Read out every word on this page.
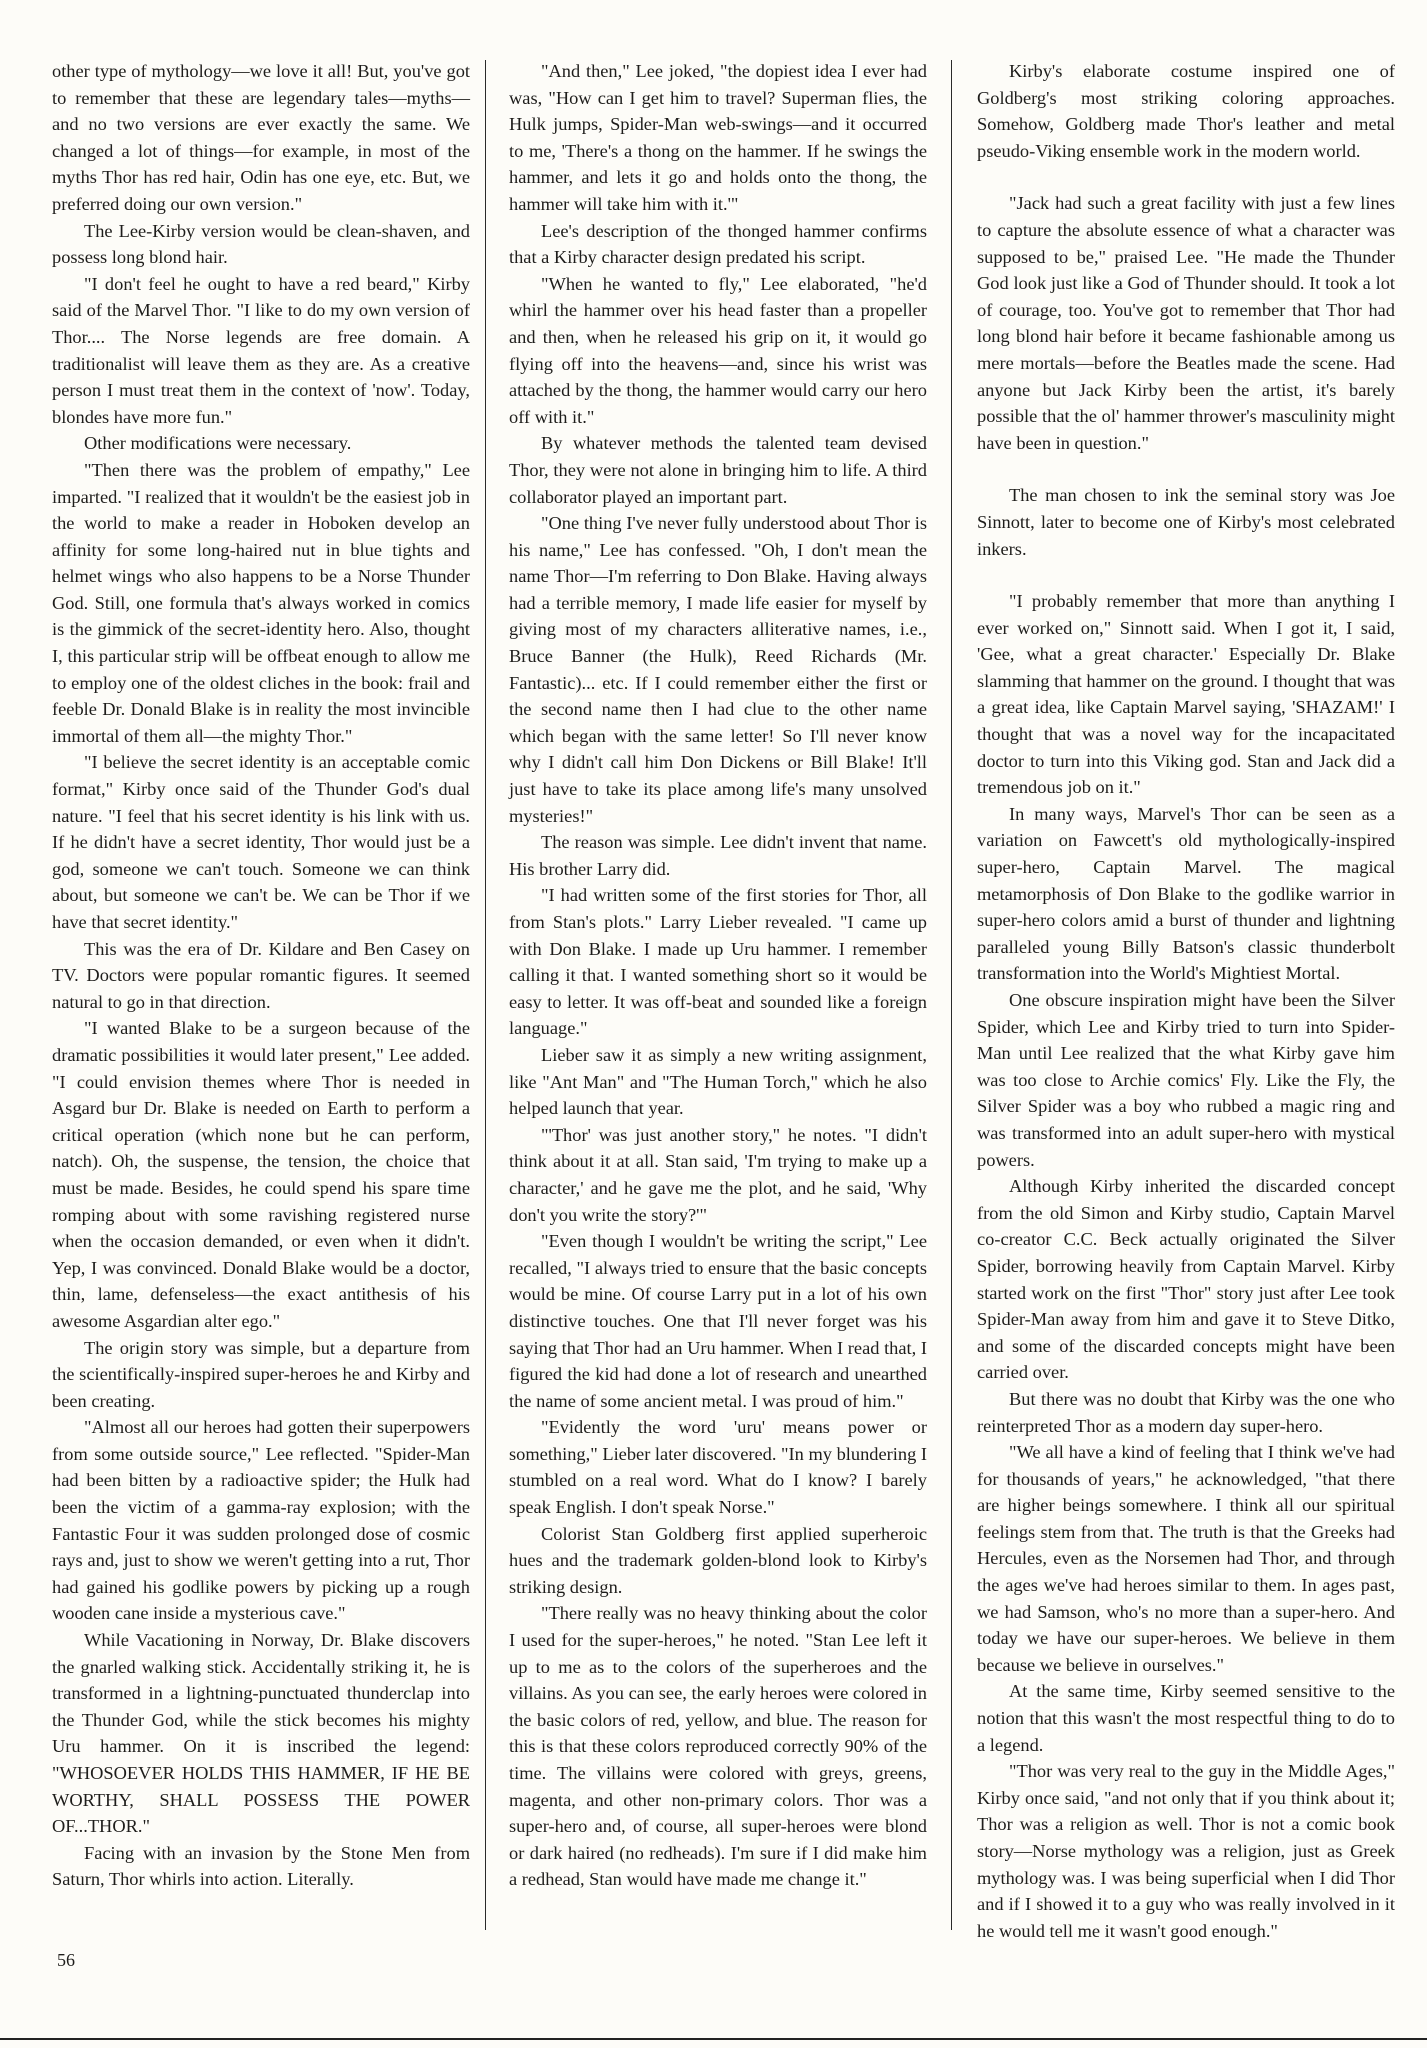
other type of mythology—we love it all! But, you've got to remember that these are legendary tales—myths—and no two versions are ever exactly the same. We changed a lot of things—for example, in most of the myths Thor has red hair, Odin has one eye, etc. But, we preferred doing our own version."

The Lee-Kirby version would be clean-shaven, and possess long blond hair.

"I don't feel he ought to have a red beard," Kirby said of the Marvel Thor. "I like to do my own version of Thor.... The Norse legends are free domain. A traditionalist will leave them as they are. As a creative person I must treat them in the context of 'now'. Today, blondes have more fun."

Other modifications were necessary.

"Then there was the problem of empathy," Lee imparted. "I realized that it wouldn't be the easiest job in the world to make a reader in Hoboken develop an affinity for some long-haired nut in blue tights and helmet wings who also happens to be a Norse Thunder God. Still, one formula that's always worked in comics is the gimmick of the secret-identity hero. Also, thought I, this particular strip will be offbeat enough to allow me to employ one of the oldest cliches in the book: frail and feeble Dr. Donald Blake is in reality the most invincible immortal of them all—the mighty Thor."

"I believe the secret identity is an acceptable comic format," Kirby once said of the Thunder God's dual nature. "I feel that his secret identity is his link with us. If he didn't have a secret identity, Thor would just be a god, someone we can't touch. Someone we can think about, but someone we can't be. We can be Thor if we have that secret identity."

This was the era of Dr. Kildare and Ben Casey on TV. Doctors were popular romantic figures. It seemed natural to go in that direction.

"I wanted Blake to be a surgeon because of the dramatic possibilities it would later present," Lee added. "I could envision themes where Thor is needed in Asgard bur Dr. Blake is needed on Earth to perform a critical operation (which none but he can perform, natch). Oh, the suspense, the tension, the choice that must be made. Besides, he could spend his spare time romping about with some ravishing registered nurse when the occasion demanded, or even when it didn't. Yep, I was convinced. Donald Blake would be a doctor, thin, lame, defenseless—the exact antithesis of his awesome Asgardian alter ego."

The origin story was simple, but a departure from the scientifically-inspired super-heroes he and Kirby and been creating.

"Almost all our heroes had gotten their superpowers from some outside source," Lee reflected. "Spider-Man had been bitten by a radioactive spider; the Hulk had been the victim of a gamma-ray explosion; with the Fantastic Four it was sudden prolonged dose of cosmic rays and, just to show we weren't getting into a rut, Thor had gained his godlike powers by picking up a rough wooden cane inside a mysterious cave."

While Vacationing in Norway, Dr. Blake discovers the gnarled walking stick. Accidentally striking it, he is transformed in a lightning-punctuated thunderclap into the Thunder God, while the stick becomes his mighty Uru hammer. On it is inscribed the legend: "WHOSOEVER HOLDS THIS HAMMER, IF HE BE WORTHY, SHALL POSSESS THE POWER OF...THOR."

Facing with an invasion by the Stone Men from Saturn, Thor whirls into action. Literally.

"And then," Lee joked, "the dopiest idea I ever had was, "How can I get him to travel? Superman flies, the Hulk jumps, Spider-Man web-swings—and it occurred to me, 'There's a thong on the hammer. If he swings the hammer, and lets it go and holds onto the thong, the hammer will take him with it.'"

Lee's description of the thonged hammer confirms that a Kirby character design predated his script.

"When he wanted to fly," Lee elaborated, "he'd whirl the hammer over his head faster than a propeller and then, when he released his grip on it, it would go flying off into the heavens—and, since his wrist was attached by the thong, the hammer would carry our hero off with it."

By whatever methods the talented team devised Thor, they were not alone in bringing him to life. A third collaborator played an important part.

"One thing I've never fully understood about Thor is his name," Lee has confessed. "Oh, I don't mean the name Thor—I'm referring to Don Blake. Having always had a terrible memory, I made life easier for myself by giving most of my characters alliterative names, i.e., Bruce Banner (the Hulk), Reed Richards (Mr. Fantastic)... etc. If I could remember either the first or the second name then I had clue to the other name which began with the same letter! So I'll never know why I didn't call him Don Dickens or Bill Blake! It'll just have to take its place among life's many unsolved mysteries!"

The reason was simple. Lee didn't invent that name. His brother Larry did.

"I had written some of the first stories for Thor, all from Stan's plots." Larry Lieber revealed. "I came up with Don Blake. I made up Uru hammer. I remember calling it that. I wanted something short so it would be easy to letter. It was off-beat and sounded like a foreign language."

Lieber saw it as simply a new writing assignment, like "Ant Man" and "The Human Torch," which he also helped launch that year.

"'Thor' was just another story," he notes. "I didn't think about it at all. Stan said, 'I'm trying to make up a character,' and he gave me the plot, and he said, 'Why don't you write the story?'"

"Even though I wouldn't be writing the script," Lee recalled, "I always tried to ensure that the basic concepts would be mine. Of course Larry put in a lot of his own distinctive touches. One that I'll never forget was his saying that Thor had an Uru hammer. When I read that, I figured the kid had done a lot of research and unearthed the name of some ancient metal. I was proud of him."

"Evidently the word 'uru' means power or something," Lieber later discovered. "In my blundering I stumbled on a real word. What do I know? I barely speak English. I don't speak Norse."

Colorist Stan Goldberg first applied superheroic hues and the trademark golden-blond look to Kirby's striking design.

"There really was no heavy thinking about the color I used for the super-heroes," he noted. "Stan Lee left it up to me as to the colors of the superheroes and the villains. As you can see, the early heroes were colored in the basic colors of red, yellow, and blue. The reason for this is that these colors reproduced correctly 90% of the time. The villains were colored with greys, greens, magenta, and other non-primary colors. Thor was a super-hero and, of course, all super-heroes were blond or dark haired (no redheads). I'm sure if I did make him a redhead, Stan would have made me change it."

Kirby's elaborate costume inspired one of Goldberg's most striking coloring approaches. Somehow, Goldberg made Thor's leather and metal pseudo-Viking ensemble work in the modern world.

"Jack had such a great facility with just a few lines to capture the absolute essence of what a character was supposed to be," praised Lee. "He made the Thunder God look just like a God of Thunder should. It took a lot of courage, too. You've got to remember that Thor had long blond hair before it became fashionable among us mere mortals—before the Beatles made the scene. Had anyone but Jack Kirby been the artist, it's barely possible that the ol' hammer thrower's masculinity might have been in question."

The man chosen to ink the seminal story was Joe Sinnott, later to become one of Kirby's most celebrated inkers.

"I probably remember that more than anything I ever worked on," Sinnott said. When I got it, I said, 'Gee, what a great character.' Especially Dr. Blake slamming that hammer on the ground. I thought that was a great idea, like Captain Marvel saying, 'SHAZAM!' I thought that was a novel way for the incapacitated doctor to turn into this Viking god. Stan and Jack did a tremendous job on it."

In many ways, Marvel's Thor can be seen as a variation on Fawcett's old mythologically-inspired super-hero, Captain Marvel. The magical metamorphosis of Don Blake to the godlike warrior in super-hero colors amid a burst of thunder and lightning paralleled young Billy Batson's classic thunderbolt transformation into the World's Mightiest Mortal.

One obscure inspiration might have been the Silver Spider, which Lee and Kirby tried to turn into Spider-Man until Lee realized that the what Kirby gave him was too close to Archie comics' Fly. Like the Fly, the Silver Spider was a boy who rubbed a magic ring and was transformed into an adult super-hero with mystical powers.

Although Kirby inherited the discarded concept from the old Simon and Kirby studio, Captain Marvel co-creator C.C. Beck actually originated the Silver Spider, borrowing heavily from Captain Marvel. Kirby started work on the first "Thor" story just after Lee took Spider-Man away from him and gave it to Steve Ditko, and some of the discarded concepts might have been carried over.

But there was no doubt that Kirby was the one who reinterpreted Thor as a modern day super-hero.

"We all have a kind of feeling that I think we've had for thousands of years," he acknowledged, "that there are higher beings somewhere. I think all our spiritual feelings stem from that. The truth is that the Greeks had Hercules, even as the Norsemen had Thor, and through the ages we've had heroes similar to them. In ages past, we had Samson, who's no more than a super-hero. And today we have our super-heroes. We believe in them because we believe in ourselves."

At the same time, Kirby seemed sensitive to the notion that this wasn't the most respectful thing to do to a legend.

"Thor was very real to the guy in the Middle Ages," Kirby once said, "and not only that if you think about it; Thor was a religion as well. Thor is not a comic book story—Norse mythology was a religion, just as Greek mythology was. I was being superficial when I did Thor and if I showed it to a guy who was really involved in it he would tell me it wasn't good enough."

56
